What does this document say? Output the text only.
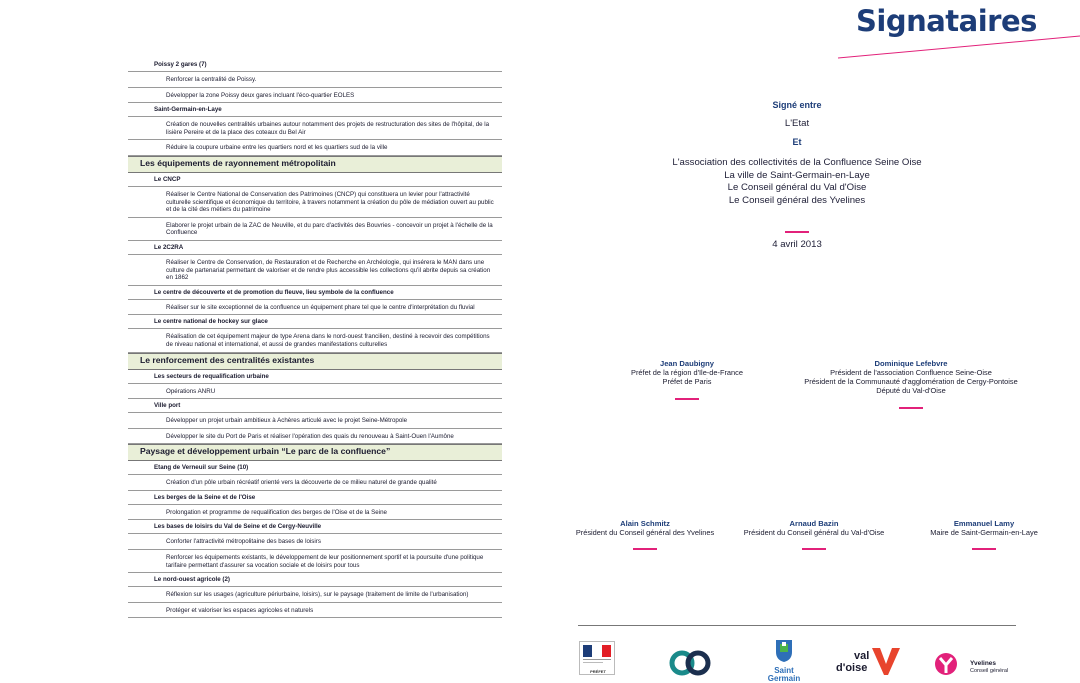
Signataires
Poissy 2 gares (7)
Renforcer la centralité de Poissy.
Développer la zone Poissy deux gares incluant l'éco-quartier EOLES
Saint-Germain-en-Laye
Création de nouvelles centralités urbaines autour notamment des projets de restructuration des sites de l'hôpital, de la lisière Pereire et de la place des coteaux du Bel Air
Réduire la coupure urbaine entre les quartiers nord et les quartiers sud de la ville
Les équipements de rayonnement métropolitain
Le CNCP
Réaliser le Centre National de Conservation des Patrimoines (CNCP) qui constituera un levier pour l'attractivité culturelle scientifique et économique du territoire, à travers notamment la création du pôle de médiation ouvert au public et de la cité des métiers du patrimoine
Elaborer le projet urbain de la ZAC de Neuville, et du parc d'activités des Bouvries - concevoir un projet à l'échelle de la Confluence
Le 2C2RA
Réaliser le Centre de Conservation, de Restauration et de Recherche en Archéologie, qui insérera le MAN dans une culture de partenariat permettant de valoriser et de rendre plus accessible les collections qu'il abrite depuis sa création en 1862
Le centre de découverte et de promotion du fleuve, lieu symbole de la confluence
Réaliser sur le site exceptionnel de la confluence un équipement phare tel que le centre d'interprétation du fluvial
Le centre national de hockey sur glace
Réalisation de cet équipement majeur de type Arena dans le nord-ouest francilien, destiné à recevoir des compétitions de niveau national et international, et aussi de grandes manifestations culturelles
Le renforcement des centralités existantes
Les secteurs de requalification urbaine
Opérations ANRU
Ville port
Développer un projet urbain ambitieux à Achères articulé avec le projet Seine-Métropole
Développer le site du Port de Paris et réaliser l'opération des quais du renouveau à Saint-Ouen l'Aumône
Paysage et développement urbain “Le parc de la confluence”
Etang de Verneuil sur Seine (10)
Création d'un pôle urbain récréatif orienté vers la découverte de ce milieu naturel de grande qualité
Les berges de la Seine et de l'Oise
Prolongation et programme de requalification des berges de l'Oise et de la Seine
Les bases de loisirs du Val de Seine et de Cergy-Neuville
Conforter l'attractivité métropolitaine des bases de loisirs
Renforcer les équipements existants, le développement de leur positionnement sportif et la poursuite d'une politique tarifaire permettant d'assurer sa vocation sociale et de loisirs pour tous
Le nord-ouest agricole (2)
Réflexion sur les usages (agriculture périurbaine, loisirs), sur le paysage (traitement de limite de l'urbanisation)
Protéger et valoriser les espaces agricoles et naturels
Signé entre
L'Etat
Et
L'association des collectivités de la Confluence Seine Oise
La ville de Saint-Germain-en-Laye
Le Conseil général du Val d'Oise
Le Conseil général des Yvelines
4 avril 2013
Jean Daubigny
Préfet de la région d'Ile-de-France
Préfet de Paris
Dominique Lefebvre
Président de l'association Confluence Seine-Oise
Président de la Communauté d'agglomération de Cergy-Pontoise
Député du Val-d'Oise
Alain Schmitz
Président du Conseil général des Yvelines
Arnaud Bazin
Président du Conseil général du Val-d'Oise
Emmanuel Lamy
Maire de Saint-Germain-en-Laye
PRÉFET	Saint Germain
val
d'oise	Yvelines
Conseil général
